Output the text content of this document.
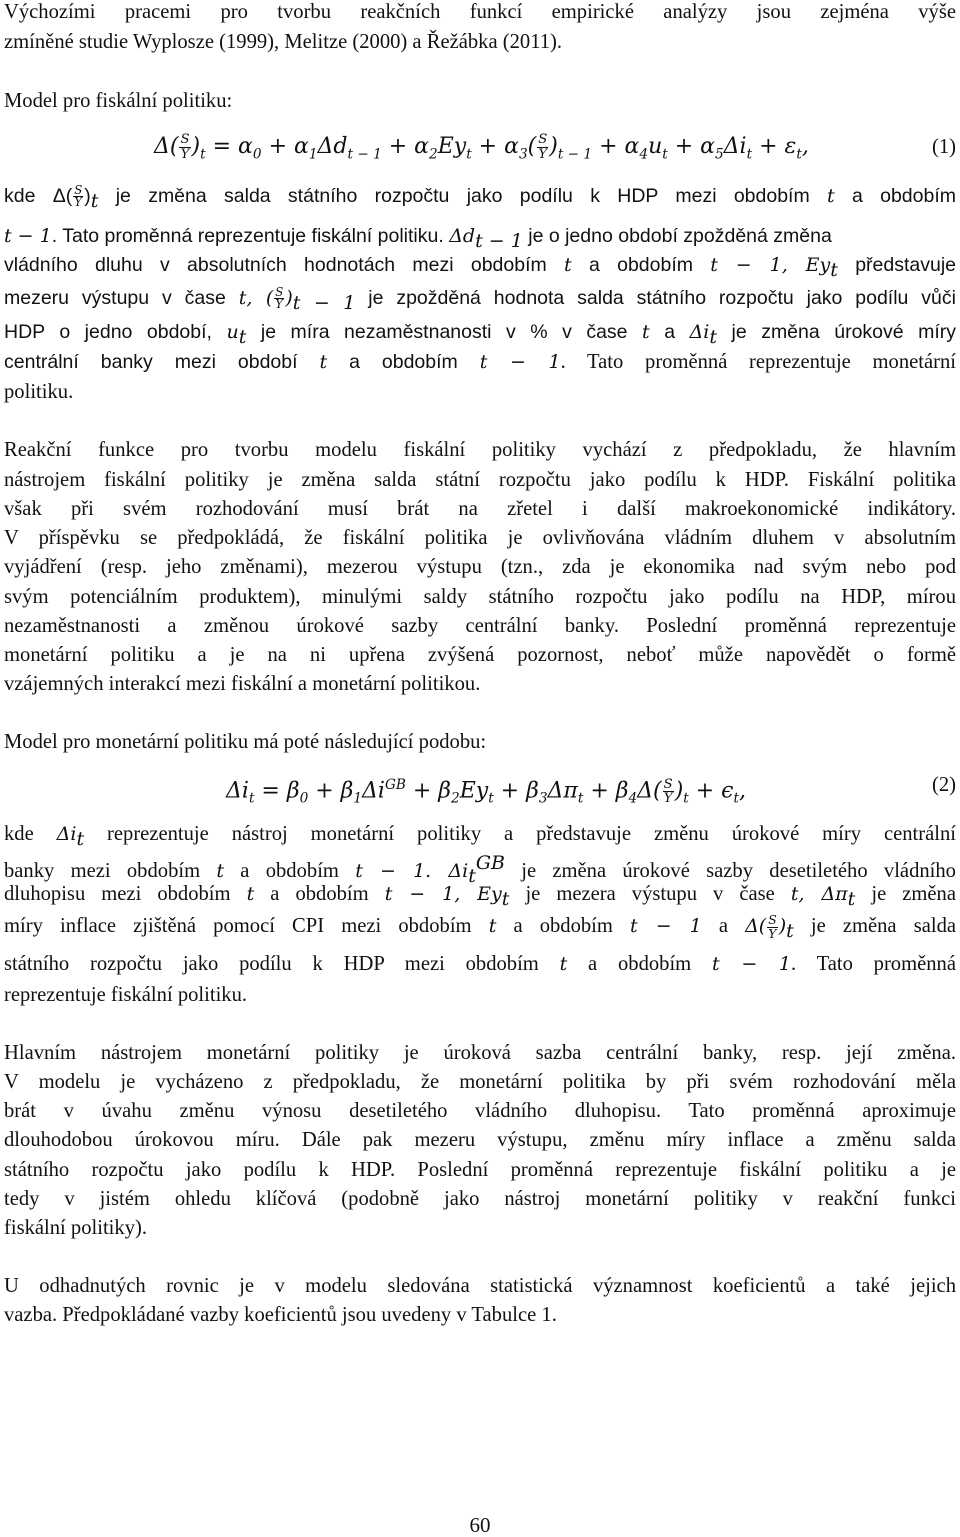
Výchozími pracemi pro tvorbu reakčních funkcí empirické analýzy jsou zejména výše
zmíněné studie Wyplosze (1999), Melitze (2000) a Řežábka (2011).
Model pro fiskální politiku:
$\Delta( \frac{S}{Y} )_t = \alpha_0 + \alpha_1\Delta d_{t - 1} + \alpha_2Ey_t + \alpha_3( \frac{S}{Y} )_{t - 1} + \alpha_4u_t + \alpha_5\Delta i_t + \varepsilon_t$,	(1)
kde $\Delta( \frac{S}{Y} )_t$ je změna salda státního rozpočtu jako podílu k HDP mezi obdobím t a obdobím
t − 1. Tato proměnná reprezentuje fiskální politiku. $\Delta d_{t - 1}$ je o jedno období zpožděná změna
vládního dluhu v absolutních hodnotách mezi obdobím t a obdobím t − 1, $Ey_t$ představuje
mezeru výstupu v čase t, ( $\frac{S}{Y} )_{t - 1}$ je zpožděná hodnota salda státního rozpočtu jako podílu vůči
HDP o jedno období, $u_t$ je míra nezaměstnanosti v % v čase t a $\Delta i_t$ je změna úrokové míry
centrální banky mezi období t a obdobím t − 1. Tato proměnná reprezentuje monetární
politiku.
Reakční funkce pro tvorbu modelu fiskální politiky vychází z předpokladu, že hlavním
nástrojem fiskální politiky je změna salda státní rozpočtu jako podílu k HDP. Fiskální politika
však při svém rozhodování musí brát na zřetel i další makroekonomické indikátory.
V příspěvku se předpokládá, že fiskální politika je ovlivňována vládním dluhem v absolutním
vyjádření (resp. jeho změnami), mezerou výstupu (tzn., zda je ekonomika nad svým nebo pod
svým potenciálním produktem), minulými saldy státního rozpočtu jako podílu na HDP, mírou
nezaměstnanosti a změnou úrokové sazby centrální banky. Poslední proměnná reprezentuje
monetární politiku a je na ni upřena zvýšená pozornost, neboť může napovědět o formě
vzájemných interakcí mezi fiskální a monetární politikou.
Model pro monetární politiku má poté následující podobu:
$\Delta i_t = \beta_0 + \beta_1\Delta i^{GB} + \beta_2Ey_t + \beta_3\Delta\pi_t + \beta_4\Delta( \frac{S}{Y} )_t + \epsilon_t$,	(2)
kde $\Delta i_t$ reprezentuje nástroj monetární politiky a představuje změnu úrokové míry centrální
banky mezi obdobím t a obdobím t − 1. $\Delta i_t^{GB}$ je změna úrokové sazby desetiletého vládního
dluhopisu mezi obdobím t a obdobím t − 1, $Ey_t$ je mezera výstupu v čase t, $\Delta\pi_t$ je změna
míry inflace zjištěná pomocí CPI mezi obdobím t a obdobím t − 1 a $\Delta( \frac{S}{Y} )_t$ je změna salda
státního rozpočtu jako podílu k HDP mezi obdobím t a obdobím t − 1. Tato proměnná
reprezentuje fiskální politiku.
Hlavním nástrojem monetární politiky je úroková sazba centrální banky, resp. její změna.
V modelu je vycházeno z předpokladu, že monetární politika by při svém rozhodování měla
brát v úvahu změnu výnosu desetiletého vládního dluhopisu. Tato proměnná aproximuje
dlouhodobou úrokovou míru. Dále pak mezeru výstupu, změnu míry inflace a změnu salda
státního rozpočtu jako podílu k HDP. Poslední proměnná reprezentuje fiskální politiku a je
tedy v jistém ohledu klíčová (podobně jako nástroj monetární politiky v reakční funkci
fiskální politiky).
U odhadnutých rovnic je v modelu sledována statistická významnost koeficientů a také jejich
vazba. Předpokládané vazby koeficientů jsou uvedeny v Tabulce 1.
60
